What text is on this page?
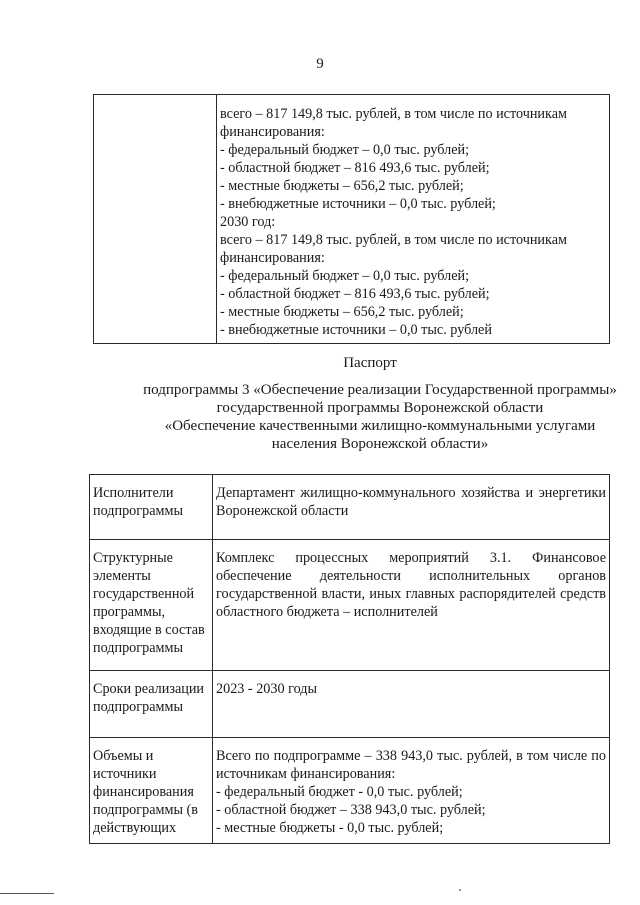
9

всего – 817 149,8 тыс. рублей, в том числе по источникам
финансирования:
- федеральный бюджет – 0,0 тыс. рублей;
- областной бюджет – 816 493,6 тыс. рублей;
- местные бюджеты – 656,2 тыс. рублей;
- внебюджетные источники – 0,0 тыс. рублей;
2030 год:
всего – 817 149,8 тыс. рублей, в том числе по источникам
финансирования:
- федеральный бюджет – 0,0 тыс. рублей;
- областной бюджет – 816 493,6 тыс. рублей;
- местные бюджеты – 656,2 тыс. рублей;
- внебюджетные источники – 0,0 тыс. рублей
Паспорт
подпрограммы 3 «Обеспечение реализации Государственной программы»
государственной программы Воронежской области
«Обеспечение качественными жилищно-коммунальными услугами
населения Воронежской области»
Исполнители подпрограммы	Департамент жилищно-коммунального хозяйства и энергетики Воронежской области
Структурные элементы государственной программы, входящие в состав подпрограммы	Комплекс процессных мероприятий 3.1. Финансовое обеспечение деятельности исполнительных органов государственной власти, иных главных распорядителей средств областного бюджета – исполнителей
Сроки реализации подпрограммы	2023 - 2030 годы
Объемы и источники финансирования подпрограммы (в действующих	Всего по подпрограмме – 338 943,0 тыс. рублей, в том числе по источникам финансирования:
- федеральный бюджет - 0,0 тыс. рублей;
- областной бюджет – 338 943,0 тыс. рублей;
- местные бюджеты - 0,0 тыс. рублей;
